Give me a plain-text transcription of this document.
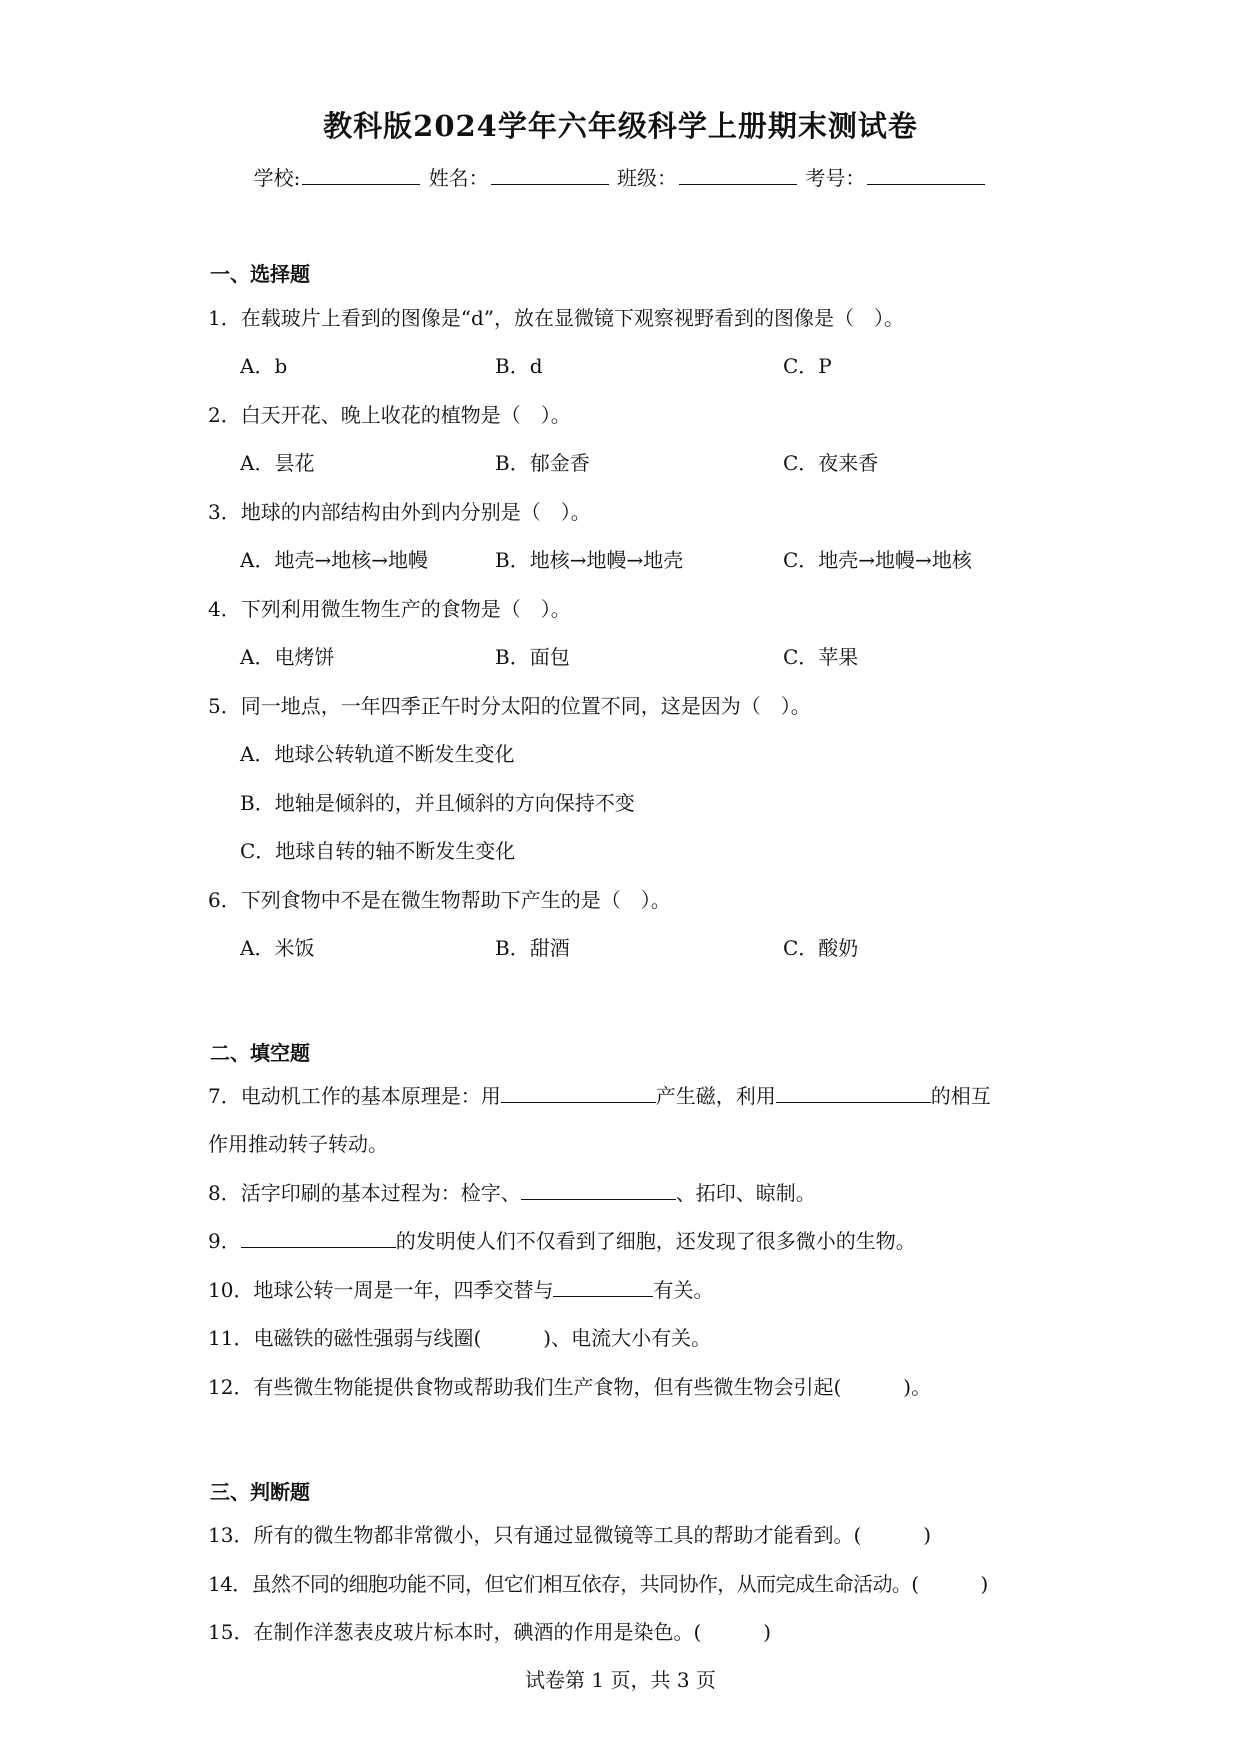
教科版2024学年六年级科学上册期末测试卷
学校:	姓名：	班级：	考号：
一、选择题
1．在载玻片上看到的图像是“d”，放在显微镜下观察视野看到的图像是（　）。
A．b	B．d	C．P
2．白天开花、晚上收花的植物是（　）。
A．昙花	B．郁金香	C．夜来香
3．地球的内部结构由外到内分别是（　）。
A．地壳→地核→地幔	B．地核→地幔→地壳	C．地壳→地幔→地核
4．下列利用微生物生产的食物是（　）。
A．电烤饼	B．面包	C．苹果
5．同一地点，一年四季正午时分太阳的位置不同，这是因为（　）。
A．地球公转轨道不断发生变化
B．地轴是倾斜的，并且倾斜的方向保持不变
C．地球自转的轴不断发生变化
6．下列食物中不是在微生物帮助下产生的是（　）。
A．米饭	B．甜酒	C．酸奶
二、填空题
7．电动机工作的基本原理是：用	产生磁，利用	的相互
作用推动转子转动。
8．活字印刷的基本过程为：检字、	、拓印、晾制。
9．	的发明使人们不仅看到了细胞，还发现了很多微小的生物。
10．地球公转一周是一年，四季交替与	有关。
11．电磁铁的磁性强弱与线圈(	)、电流大小有关。
12．有些微生物能提供食物或帮助我们生产食物，但有些微生物会引起(	)。
三、判断题
13．所有的微生物都非常微小，只有通过显微镜等工具的帮助才能看到。(	)
14．虽然不同的细胞功能不同，但它们相互依存，共同协作，从而完成生命活动。(	)
15．在制作洋葱表皮玻片标本时，碘酒的作用是染色。(	)
试卷第 1 页，共 3 页
